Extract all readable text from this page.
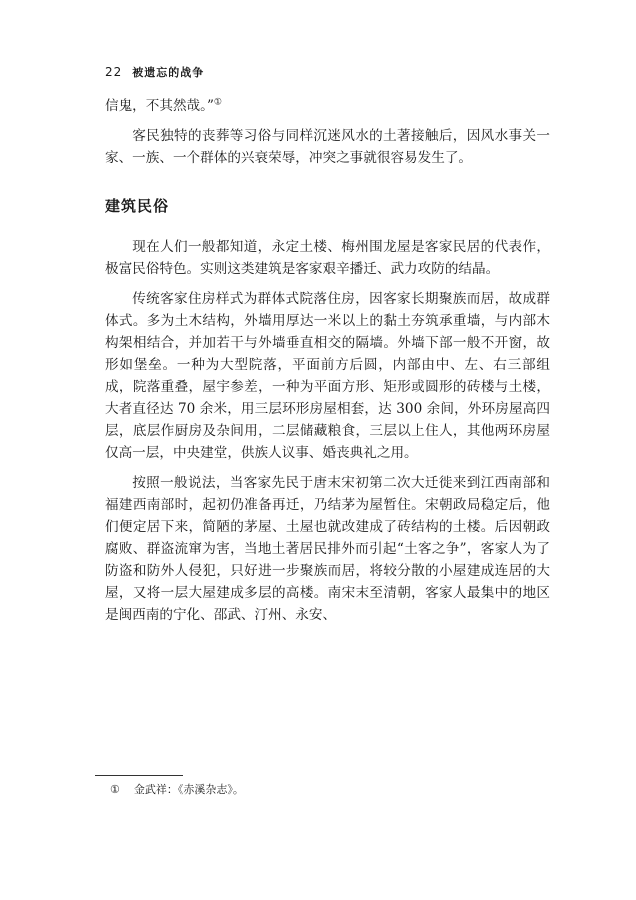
22 被遗忘的战争

信鬼，不其然哉。”①

客民独特的丧葬等习俗与同样沉迷风水的土著接触后，因风水事关一家、一族、一个群体的兴衰荣辱，冲突之事就很容易发生了。

建筑民俗

现在人们一般都知道，永定土楼、梅州围龙屋是客家民居的代表作，极富民俗特色。实则这类建筑是客家艰辛播迁、武力攻防的结晶。

传统客家住房样式为群体式院落住房，因客家长期聚族而居，故成群体式。多为土木结构，外墙用厚达一米以上的黏土夯筑承重墙，与内部木构架相结合，并加若干与外墙垂直相交的隔墙。外墙下部一般不开窗，故形如堡垒。一种为大型院落，平面前方后圆，内部由中、左、右三部组成，院落重叠，屋宇参差，一种为平面方形、矩形或圆形的砖楼与土楼，大者直径达 70 余米，用三层环形房屋相套，达 300 余间，外环房屋高四层，底层作厨房及杂间用，二层储藏粮食，三层以上住人，其他两环房屋仅高一层，中央建堂，供族人议事、婚丧典礼之用。

按照一般说法，当客家先民于唐末宋初第二次大迁徙来到江西南部和福建西南部时，起初仍准备再迁，乃结茅为屋暂住。宋朝政局稳定后，他们便定居下来，简陋的茅屋、土屋也就改建成了砖结构的土楼。后因朝政腐败、群盗流窜为害，当地土著居民排外而引起“土客之争”，客家人为了防盗和防外人侵犯，只好进一步聚族而居，将较分散的小屋建成连居的大屋，又将一层大屋建成多层的高楼。南宋末至清朝，客家人最集中的地区是闽西南的宁化、邵武、汀州、永安、

① 金武祥：《赤溪杂志》。
